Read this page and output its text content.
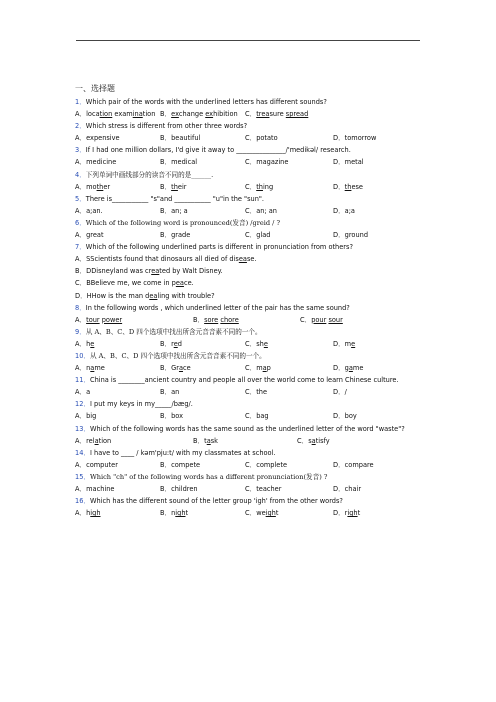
一、选择题
1．Which pair of the words with the underlined letters has different sounds?
A．location examination B．exchange exhibition C．treasure spread
2．Which stress is different from other three words?
A．expensive	B．beautiful	C．potato	D．tomorrow
3．If I had one million dollars, I'd give it away to _______________/'medikəl/ research.
A．medicine	B．medical	C．magazine	D．metal
4．下列单词中画线部分的读音不同的是______.
A．mother	B．their	C．thing	D．these
5．There is___________ "s"and ___________ "u"in the "sun".
A．a;an.	B．an; a	C．an; an	D．a;a
6．Which of the following word is pronounced(发音) /greid / ?
A．great	B．grade	C．glad	D．ground
7．Which of the following underlined parts is different in pronunciation from others?
A．SScientists found that dinosaurs all died of disease.
B．DDisneyland was created by Walt Disney.
C．BBelieve me, we come in peace.
D．HHow is the man dealing with trouble?
8．In the following words , which underlined letter of the pair has the same sound?
A．tour power	B．sore chore	C．pour sour
9．从 A、B、C、D 四个选项中找出所含元音音素不同的一个。
A．he	B．red	C．she	D．me
10．从 A、B、C、D 四个选项中找出所含元音音素不同的一个。
A．name	B．Grace	C．map	D．game
11．China is ________ancient country and people all over the world come to learn Chinese culture.
A．a	B．an	C．the	D．/
12．I put my keys in my_____/bæg/.
A．big	B．box	C．bag	D．boy
13．Which of the following words has the same sound as the underlined letter of the word "waste"?
A．relation	B．task	C．satisfy
14．I have to ____ / kəm'pju:t/ with my classmates at school.
A．computer	B．compete	C．complete	D．compare
15．Which "ch" of the following words has a different pronunciation(发音) ?
A．machine	B．children	C．teacher	D．chair
16．Which has the different sound of the letter group 'igh' from the other words?
A．high	B．night	C．weight	D．right
